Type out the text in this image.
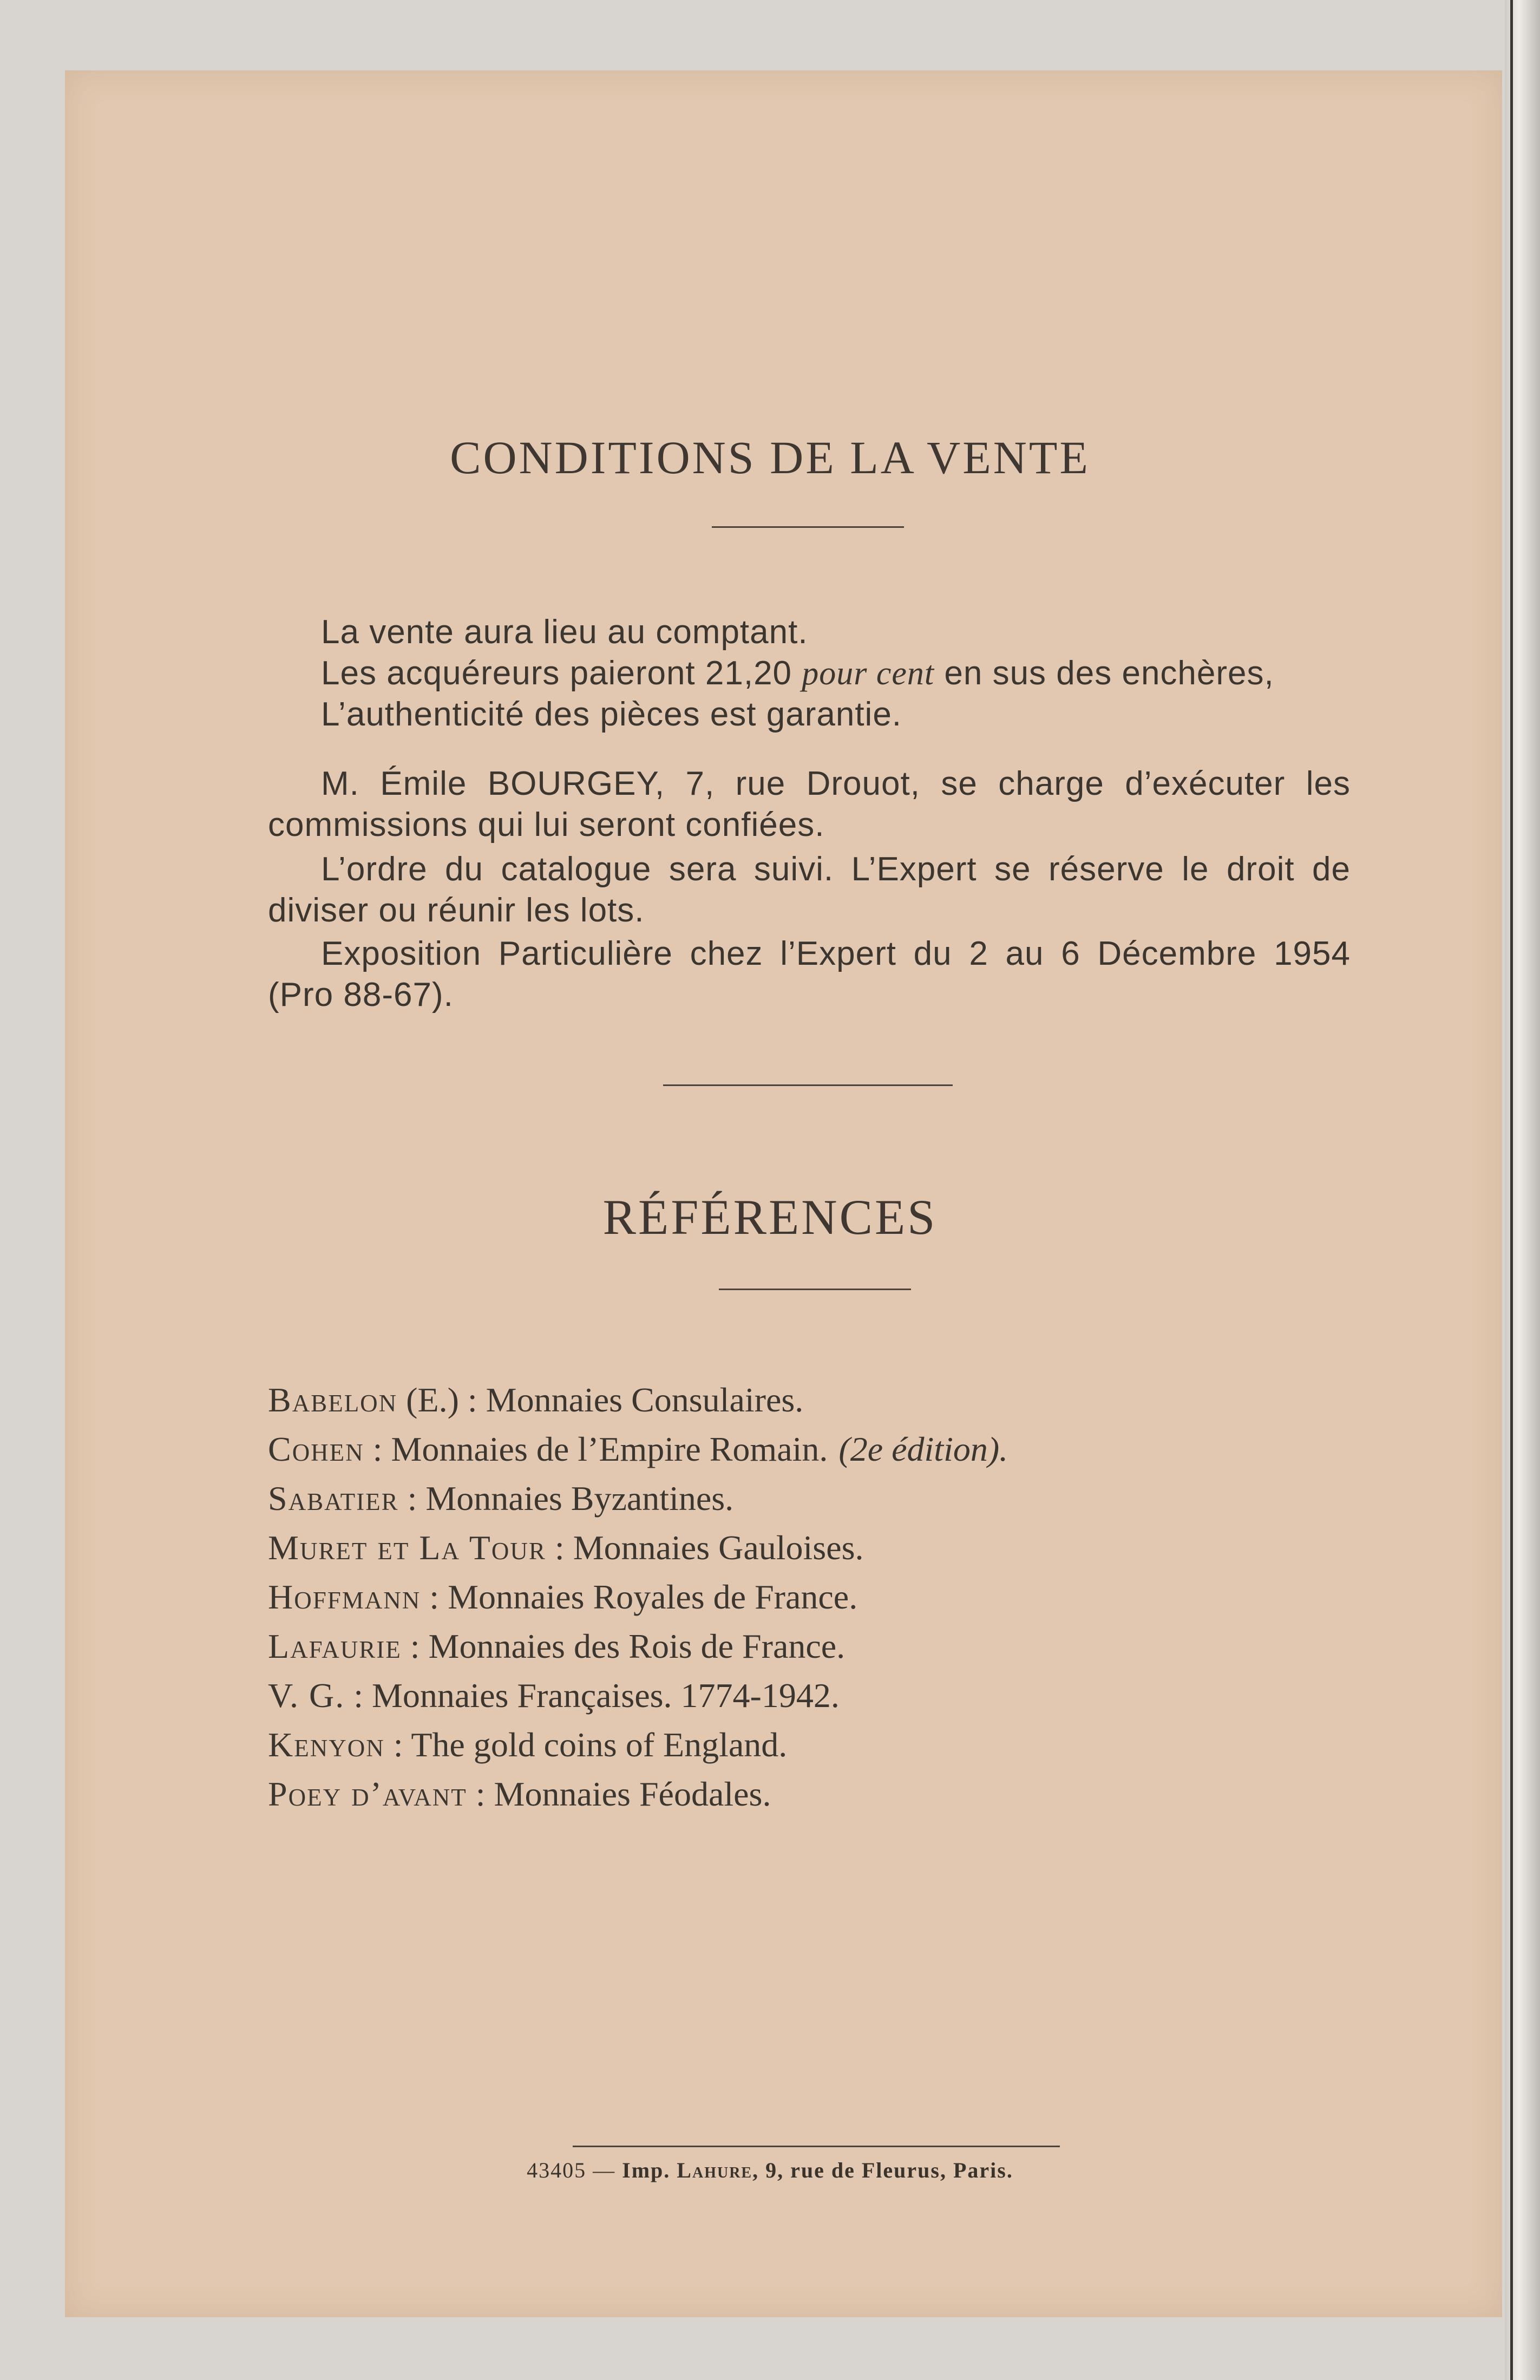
CONDITIONS DE LA VENTE

La vente aura lieu au comptant.

Les acquéreurs paieront 21,20 pour cent en sus des enchères,

L’authenticité des pièces est garantie.

M. Émile BOURGEY, 7, rue Drouot, se charge d’exécuter les commissions qui lui seront confiées.

L’ordre du catalogue sera suivi. L’Expert se réserve le droit de diviser ou réunir les lots.

Exposition Particulière chez l’Expert du 2 au 6 Décembre 1954 (Pro 88-67).

RÉFÉRENCES
Babelon (E.) : Monnaies Consulaires.
Cohen : Monnaies de l’Empire Romain. (2e édition).
Sabatier : Monnaies Byzantines.
Muret et La Tour : Monnaies Gauloises.
Hoffmann : Monnaies Royales de France.
Lafaurie : Monnaies des Rois de France.
V. G. : Monnaies Françaises. 1774-1942.
Kenyon : The gold coins of England.
Poey d’avant : Monnaies Féodales.
43405 — Imp. Lahure, 9, rue de Fleurus, Paris.
